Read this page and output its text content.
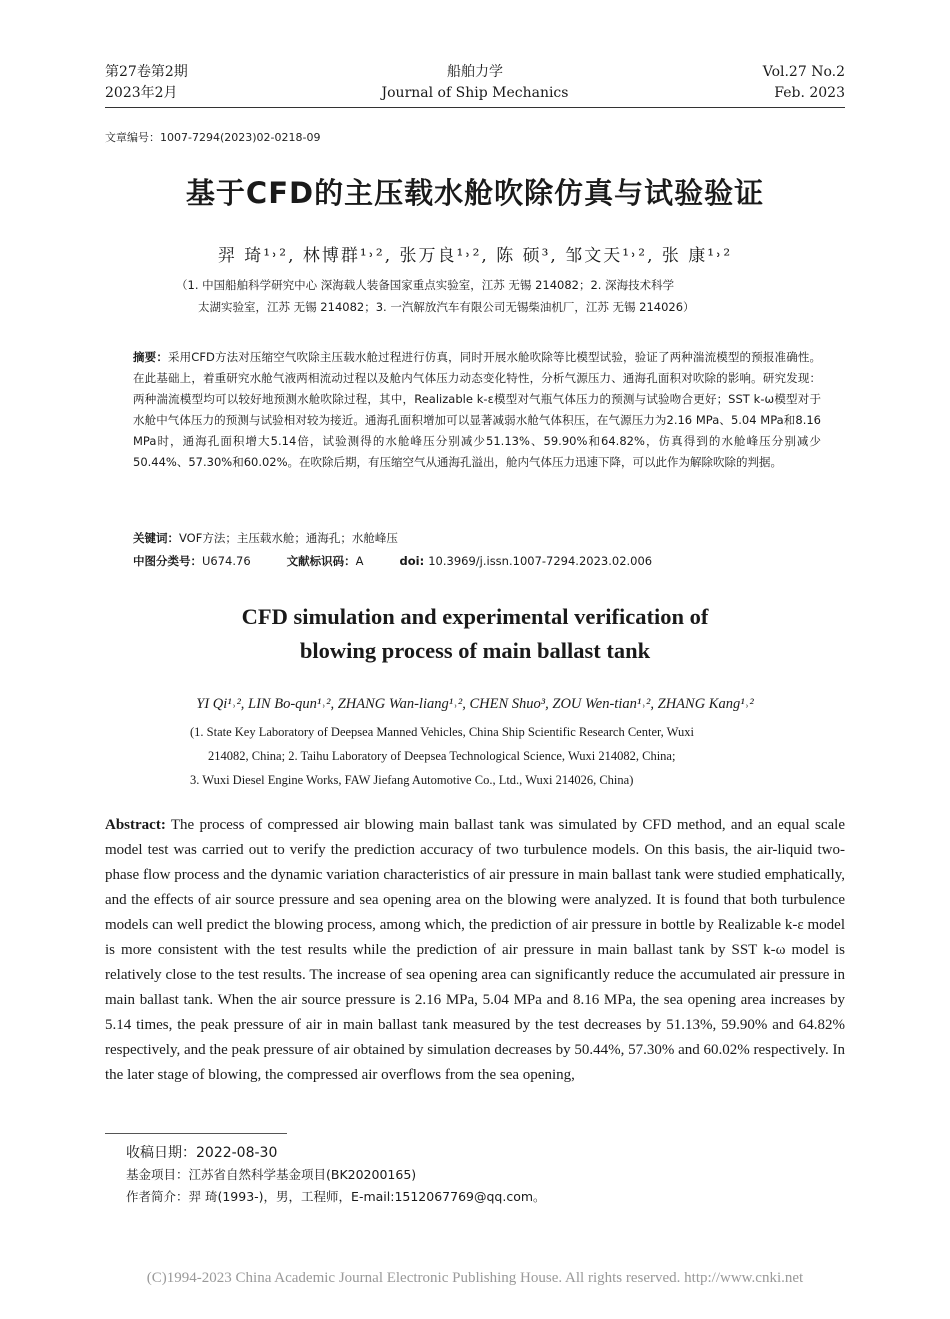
第27卷第2期
2023年2月
船舶力学
Journal of Ship Mechanics
Vol.27 No.2
Feb. 2023
文章编号：1007-7294(2023)02-0218-09
基于CFD的主压载水舱吹除仿真与试验验证
羿 琦¹˒², 林博群¹˒², 张万良¹˒², 陈 硕³, 邹文天¹˒², 张 康¹˒²
（1. 中国船舶科学研究中心 深海载人装备国家重点实验室，江苏 无锡 214082；2. 深海技术科学
太湖实验室，江苏 无锡 214082；3. 一汽解放汽车有限公司无锡柴油机厂，江苏 无锡 214026）
摘要：采用CFD方法对压缩空气吹除主压载水舱过程进行仿真，同时开展水舱吹除等比模型试验，验证了两种湍流模型的预报准确性。在此基础上，着重研究水舱气液两相流动过程以及舱内气体压力动态变化特性，分析气源压力、通海孔面积对吹除的影响。研究发现：两种湍流模型均可以较好地预测水舱吹除过程，其中，Realizable k-ε模型对气瓶气体压力的预测与试验吻合更好；SST k-ω模型对于水舱中气体压力的预测与试验相对较为接近。通海孔面积增加可以显著减弱水舱气体积压，在气源压力为2.16 MPa、5.04 MPa和8.16 MPa时，通海孔面积增大5.14倍，试验测得的水舱峰压分别减少51.13%、59.90%和64.82%，仿真得到的水舱峰压分别减少50.44%、57.30%和60.02%。在吹除后期，有压缩空气从通海孔溢出，舱内气体压力迅速下降，可以此作为解除吹除的判据。
关键词：VOF方法；主压载水舱；通海孔；水舱峰压
中图分类号：U674.76	文献标识码：A	doi: 10.3969/j.issn.1007-7294.2023.02.006
CFD simulation and experimental verification of
blowing process of main ballast tank
YI Qi¹˒², LIN Bo-qun¹˒², ZHANG Wan-liang¹˒², CHEN Shuo³, ZOU Wen-tian¹˒², ZHANG Kang¹˒²
(1. State Key Laboratory of Deepsea Manned Vehicles, China Ship Scientific Research Center, Wuxi
214082, China; 2. Taihu Laboratory of Deepsea Technological Science, Wuxi 214082, China;
3. Wuxi Diesel Engine Works, FAW Jiefang Automotive Co., Ltd., Wuxi 214026, China)
Abstract: The process of compressed air blowing main ballast tank was simulated by CFD method, and an equal scale model test was carried out to verify the prediction accuracy of two turbulence models. On this basis, the air-liquid two-phase flow process and the dynamic variation characteristics of air pressure in main ballast tank were studied emphatically, and the effects of air source pressure and sea opening area on the blowing were analyzed. It is found that both turbulence models can well predict the blowing process, among which, the prediction of air pressure in bottle by Realizable k-ε model is more consistent with the test results while the prediction of air pressure in main ballast tank by SST k-ω model is relatively close to the test results. The increase of sea opening area can significantly reduce the accumulated air pressure in main ballast tank. When the air source pressure is 2.16 MPa, 5.04 MPa and 8.16 MPa, the sea opening area increases by 5.14 times, the peak pressure of air in main ballast tank measured by the test decreases by 51.13%, 59.90% and 64.82% respectively, and the peak pressure of air obtained by simulation decreases by 50.44%, 57.30% and 60.02% respectively. In the later stage of blowing, the compressed air overflows from the sea opening,
收稿日期：2022-08-30
基金项目：江苏省自然科学基金项目(BK20200165)
作者简介：羿 琦(1993-)，男，工程师，E-mail:1512067769@qq.com。
(C)1994-2023 China Academic Journal Electronic Publishing House. All rights reserved. http://www.cnki.net
